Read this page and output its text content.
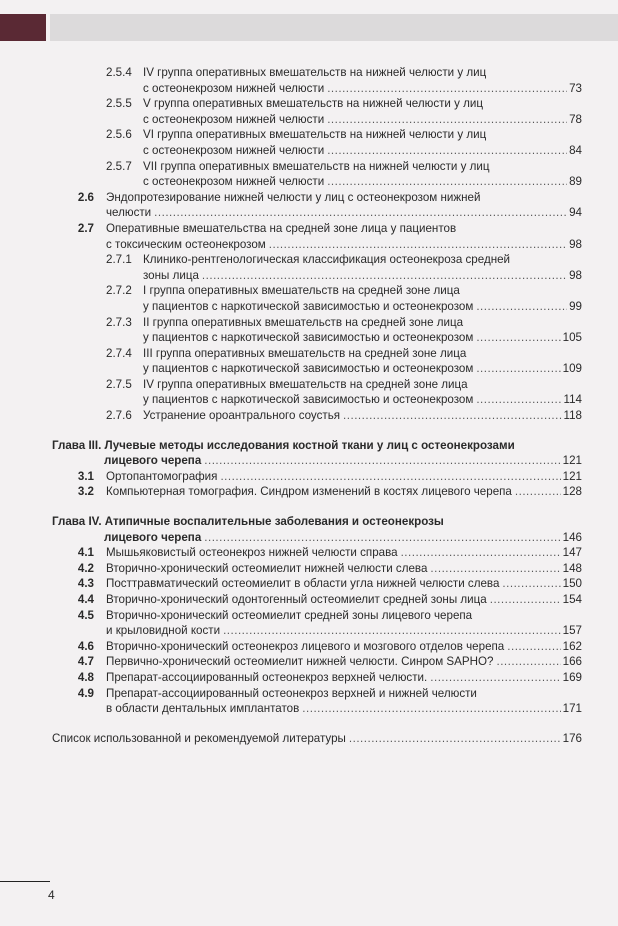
2.5.4 IV группа оперативных вмешательств на нижней челюсти у лиц
с остеонекрозом нижней челюсти .....	73
2.5.5 V группа оперативных вмешательств на нижней челюсти у лиц
с остеонекрозом нижней челюсти .....	78
2.5.6 VI группа оперативных вмешательств на нижней челюсти у лиц
с остеонекрозом нижней челюсти .....	84
2.5.7 VII группа оперативных вмешательств на нижней челюсти у лиц
с остеонекрозом нижней челюсти .....	89
2.6 Эндопротезирование нижней челюсти у лиц с остеонекрозом нижней
челюсти .....	94
2.7 Оперативные вмешательства на средней зоне лица у пациентов
с токсическим остеонекрозом .....	98
2.7.1 Клинико-рентгенологическая классификация остеонекроза средней
зоны лица .....	98
2.7.2 I группа оперативных вмешательств на средней зоне лица
у пациентов с наркотической зависимостью и остеонекрозом .....	99
2.7.3 II группа оперативных вмешательств на средней зоне лица
у пациентов с наркотической зависимостью и остеонекрозом .....	105
2.7.4 III группа оперативных вмешательств на средней зоне лица
у пациентов с наркотической зависимостью и остеонекрозом .....	109
2.7.5 IV группа оперативных вмешательств на средней зоне лица
у пациентов с наркотической зависимостью и остеонекрозом .....	114
2.7.6 Устранение ороантрального соустья .....	118
Глава III. Лучевые методы исследования костной ткани у лиц с остеонекрозами
лицевого черепа .....	121
3.1 Ортопантомография .....	121
3.2 Компьютерная томография. Синдром изменений в костях лицевого черепа .....	128
Глава IV. Атипичные воспалительные заболевания и остеонекрозы
лицевого черепа .....	146
4.1 Мышьяковистый остеонекроз нижней челюсти справа .....	147
4.2 Вторично-хронический остеомиелит нижней челюсти слева .....	148
4.3 Посттравматический остеомиелит в области угла нижней челюсти слева .....	150
4.4 Вторично-хронический одонтогенный остеомиелит средней зоны лица .....	154
4.5 Вторично-хронический остеомиелит средней зоны лицевого черепа
и крыловидной кости .....	157
4.6 Вторично-хронический остеонекроз лицевого и мозгового отделов черепа .....	162
4.7 Первично-хронический остеомиелит нижней челюсти. Синром SAPHO? .....	166
4.8 Препарат-ассоциированный остеонекроз верхней челюсти. .....	169
4.9 Препарат-ассоциированный остеонекроз верхней и нижней челюсти
в области дентальных имплантатов .....	171
Список использованной и рекомендуемой литературы .....	176
4
